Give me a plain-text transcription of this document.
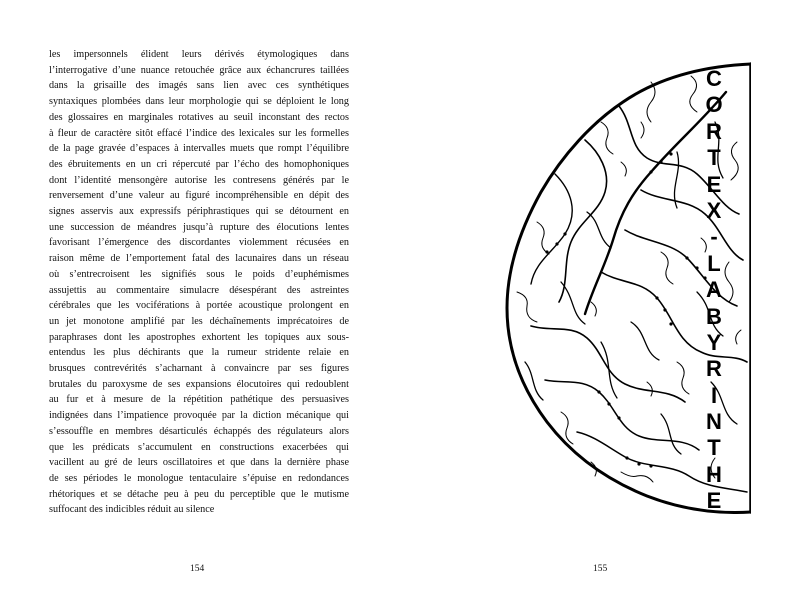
les impersonnels élident leurs dérivés étymologiques dans
l’interrogative d’une nuance retouchée grâce aux échancrures taillées
dans la grisaille des imagés sans lien avec ces synthétiques
syntaxiques plombées dans leur morphologie qui se déploient le long
des glossaires en marginales rotatives au seuil inconstant des rectos
à fleur de caractère sitôt effacé l’indice des lexicales sur les formelles
de la page gravée d’espaces à intervalles muets que rompt l’équilibre
des ébruitements en un cri répercuté par l’écho des homophoniques
dont l’identité mensongère autorise les contresens générés par le
renversement d’une valeur au figuré incompréhensible en dépit des
signes asservis aux expressifs périphrastiques qui se détournent en
une succession de méandres jusqu’à rupture des élocutions lentes
favorisant l’émergence des discordantes violemment récusées en
raison même de l’emportement fatal des lacunaires dans un réseau
où s’entrecroisent les signifiés sous le poids d’euphémismes
assujettis au commentaire simulacre désespérant des astreintes
cérébrales que les vociférations à portée acoustique prolongent en
un jet monotone amplifié par les déchaînements imprécatoires de
paraphrases dont les apostrophes exhortent les topiques aux sous-
entendus les plus déchirants que la rumeur stridente relaie en
brusques contrevérités s’acharnant à convaincre par ses figures
brutales du paroxysme de ses expansions élocutoires qui redoublent
au fur et à mesure de la répétition pathétique des persuasives
indignées dans l’impatience provoquée par la diction mécanique qui
s’essouffle en membres désarticulés échappés des régulateurs alors
que les prédicats s’accumulent en constructions exacerbées qui
vacillent au gré de leurs oscillatoires et que dans la dernière phase
de ses périodes le monologue tentaculaire s’épuise en redondances
rhétoriques et se détache peu à peu du perceptible que le mutisme
suffocant des indicibles réduit au silence
154
C
O
R
T
E
X
-
L
A
B
Y
R
I
N
T
H
E
155
